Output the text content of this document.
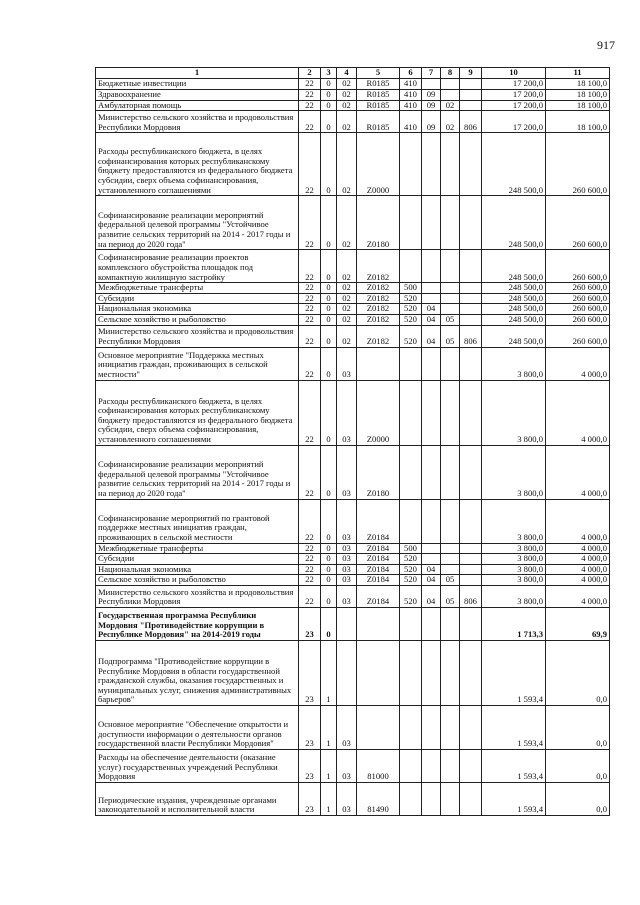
917
1	2	3	4	5	6	7	8	9	10	11
Бюджетные инвестиции	22	0	02	R0185	410				17 200,0	18 100,0
Здравоохранение	22	0	02	R0185	410	09			17 200,0	18 100,0
Амбулаторная помощь	22	0	02	R0185	410	09	02		17 200,0	18 100,0
Министерство сельского хозяйства и продовольствия Республики Мордовия	22	0	02	R0185	410	09	02	806	17 200,0	18 100,0
Расходы республиканского бюджета, в целях софинансирования которых республиканскому бюджету предоставляются из федерального бюджета субсидии, сверх объема софинансирования, установленного соглашениями	22	0	02	Z0000					248 500,0	260 600,0
Софинансирование реализации мероприятий федеральной целевой программы "Устойчивое развитие сельских территорий на 2014 - 2017 годы и на период до 2020 года"	22	0	02	Z0180					248 500,0	260 600,0
Софинансирование реализации проектов комплексного обустройства площадок под компактную жилищную застройку	22	0	02	Z0182					248 500,0	260 600,0
Межбюджетные трансферты	22	0	02	Z0182	500				248 500,0	260 600,0
Субсидии	22	0	02	Z0182	520				248 500,0	260 600,0
Национальная экономика	22	0	02	Z0182	520	04			248 500,0	260 600,0
Сельское хозяйство и рыболовство	22	0	02	Z0182	520	04	05		248 500,0	260 600,0
Министерство сельского хозяйства и продовольствия Республики Мордовия	22	0	02	Z0182	520	04	05	806	248 500,0	260 600,0
Основное мероприятие "Поддержка местных инициатив граждан, проживающих в сельской местности"	22	0	03						3 800,0	4 000,0
Расходы республиканского бюджета, в целях софинансирования которых республиканскому бюджету предоставляются из федерального бюджета субсидии, сверх объема софинансирования, установленного соглашениями	22	0	03	Z0000					3 800,0	4 000,0
Софинансирование реализации мероприятий федеральной целевой программы "Устойчивое развитие сельских территорий на 2014 - 2017 годы и на период до 2020 года"	22	0	03	Z0180					3 800,0	4 000,0
Софинансирование мероприятий по грантовой поддержке местных инициатив граждан, проживающих в сельской местности	22	0	03	Z0184					3 800,0	4 000,0
Межбюджетные трансферты	22	0	03	Z0184	500				3 800,0	4 000,0
Субсидии	22	0	03	Z0184	520				3 800,0	4 000,0
Национальная экономика	22	0	03	Z0184	520	04			3 800,0	4 000,0
Сельское хозяйство и рыболовство	22	0	03	Z0184	520	04	05		3 800,0	4 000,0
Министерство сельского хозяйства и продовольствия Республики Мордовия	22	0	03	Z0184	520	04	05	806	3 800,0	4 000,0
Государственная программа Республики Мордовия "Противодействие коррупции в Республике Мордовия" на 2014-2019 годы	23	0							1 713,3	69,9
Подпрограмма "Противодействие коррупции в Республике Мордовия в области государственной гражданской службы, оказания государственных и муниципальных услуг, снижения административных барьеров"	23	1							1 593,4	0,0
Основное мероприятие "Обеспечение открытости и доступности информации о деятельности органов государственной власти Республики Мордовия"	23	1	03						1 593,4	0,0
Расходы на обеспечение деятельности (оказание услуг) государственных учреждений Республики Мордовия	23	1	03	81000					1 593,4	0,0
Периодические издания, учрежденные органами законодательной и исполнительной власти	23	1	03	81490					1 593,4	0,0
